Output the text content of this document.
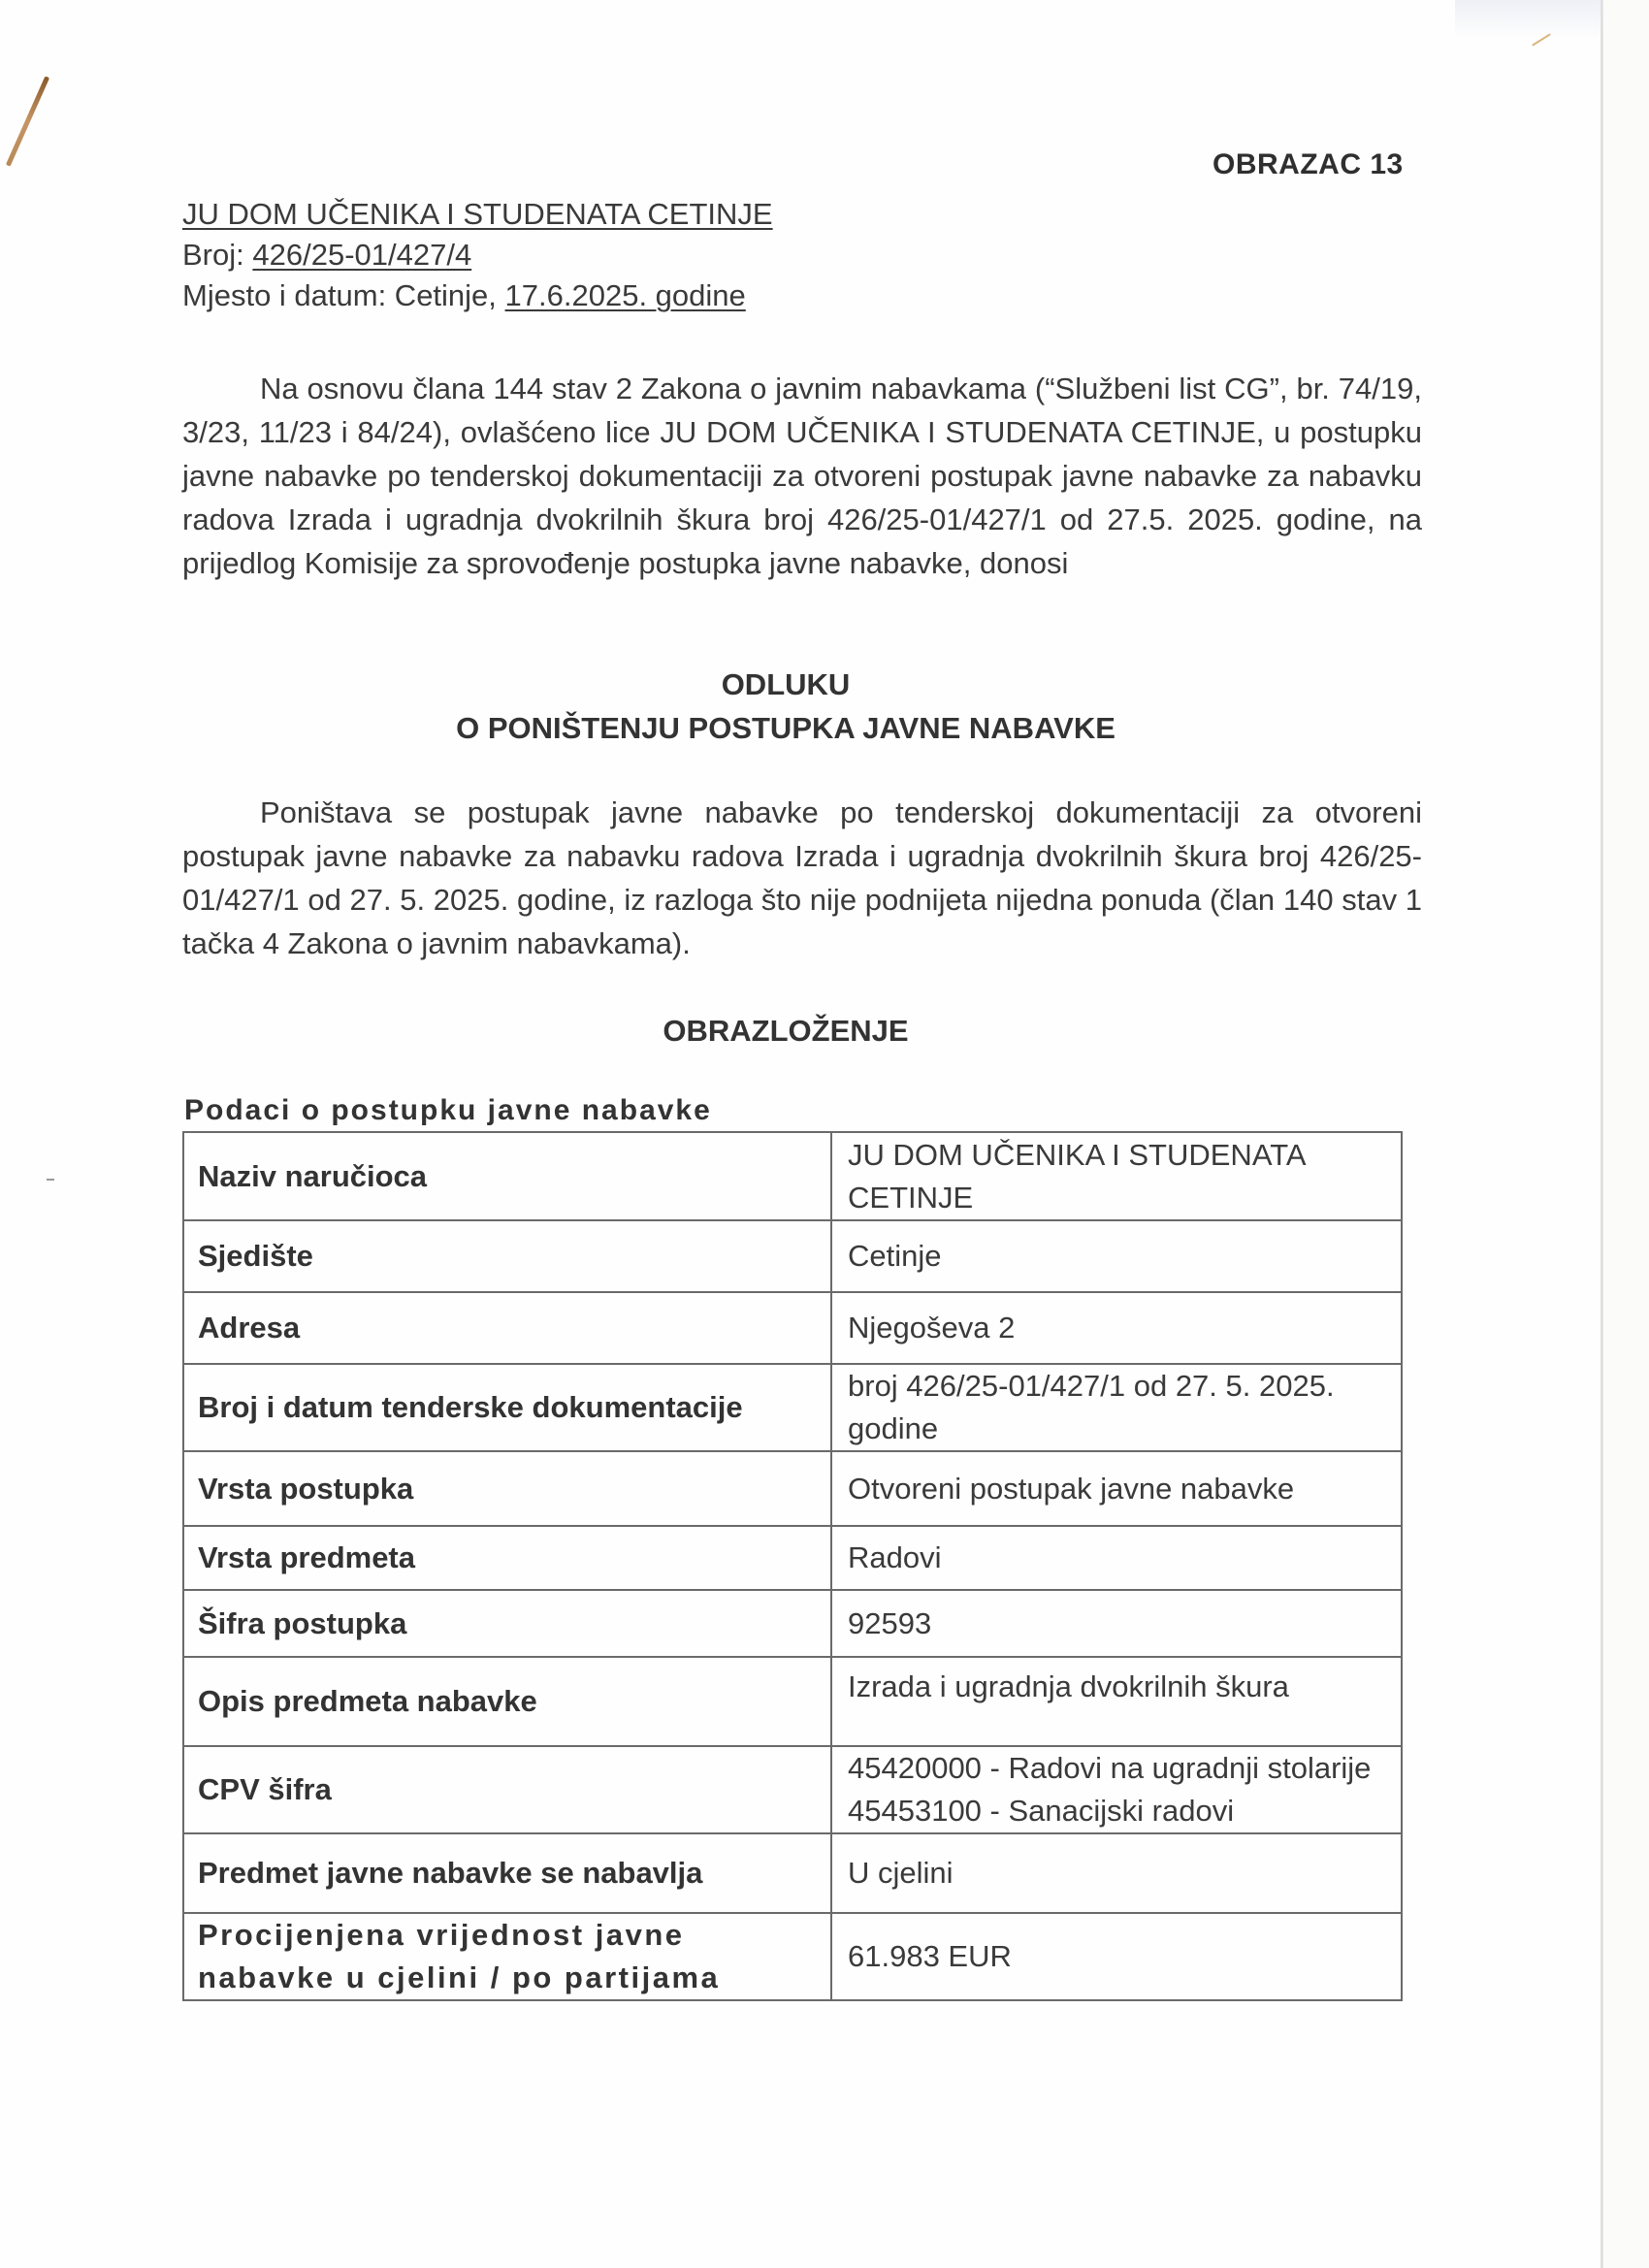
OBRAZAC 13
JU DOM UČENIKA I STUDENATA CETINJE
Broj: 426/25-01/427/4
Mjesto i datum: Cetinje, 17.6.2025. godine
Na osnovu člana 144 stav 2 Zakona o javnim nabavkama (“Službeni list CG”, br. 74/19, 3/23, 11/23 i 84/24), ovlašćeno lice JU DOM UČENIKA I STUDENATA CETINJE, u postupku javne nabavke po tenderskoj dokumentaciji za otvoreni postupak javne nabavke za nabavku radova Izrada i ugradnja dvokrilnih škura broj 426/25-01/427/1 od 27.5. 2025. godine, na prijedlog Komisije za sprovođenje postupka javne nabavke, donosi
ODLUKU
O PONIŠTENJU POSTUPKA JAVNE NABAVKE
Poništava se postupak javne nabavke po tenderskoj dokumentaciji za otvoreni postupak javne nabavke za nabavku radova Izrada i ugradnja dvokrilnih škura broj 426/25-01/427/1 od 27. 5. 2025. godine, iz razloga što nije podnijeta nijedna ponuda (član 140 stav 1 tačka 4 Zakona o javnim nabavkama).
OBRAZLOŽENJE
Podaci o postupku javne nabavke
Naziv naručioca	JU DOM UČENIKA I STUDENATA CETINJE
Sjedište	Cetinje
Adresa	Njegoševa 2
Broj i datum tenderske dokumentacije	broj 426/25-01/427/1 od 27. 5. 2025. godine
Vrsta postupka	Otvoreni postupak javne nabavke
Vrsta predmeta	Radovi
Šifra postupka	92593
Opis predmeta nabavke	Izrada i ugradnja dvokrilnih škura
CPV šifra	45420000 - Radovi na ugradnji stolarije 45453100 - Sanacijski radovi
Predmet javne nabavke se nabavlja	U cjelini
Procijenjena vrijednost javne nabavke u cjelini / po partijama	61.983 EUR
